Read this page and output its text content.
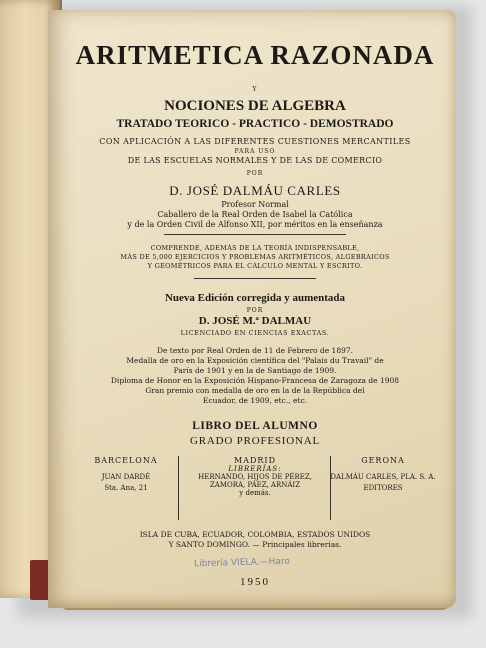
ARITMETICA RAZONADA
Y
NOCIONES DE ALGEBRA
TRATADO TEORICO - PRACTICO - DEMOSTRADO
CON APLICACIÓN A LAS DIFERENTES CUESTIONES MERCANTILES
PARA USO
DE LAS ESCUELAS NORMALES Y DE LAS DE COMERCIO
POR
D. JOSÉ DALMÁU CARLES
Profesor Normal
Caballero de la Real Orden de Isabel la Católica
y de la Orden Civil de Alfonso XII, por méritos en la enseñanza
COMPRENDE, ADEMÁS DE LA TEORÍA INDISPENSABLE,
MÁS DE 5,000 EJERCICIOS Y PROBLEMAS ARITMÉTICOS, ALGEBRAICOS
Y GEOMÉTRICOS PARA EL CÁLCULO MENTAL Y ESCRITO.
Nueva Edición corregida y aumentada
POR
D. JOSÉ M.ª DALMAU
LICENCIADO EN CIENCIAS EXACTAS.
De texto por Real Orden de 11 de Febrero de 1897.
Medalla de oro en la Exposición científica del "Palais du Travail" de
París de 1901 y en la de Santiago de 1909.
Diploma de Honor en la Exposición Hispano-Francesa de Zaragoza de 1908
Gran premio con medalla de oro en la de la República del
Ecuador, de 1909, etc., etc.
LIBRO DEL ALUMNO
GRADO PROFESIONAL
BARCELONA
JUAN DARDÉ
Sta. Ana, 21
MADRID
LIBRERÍAS:
HERNANDO, HIJOS DE PÉREZ,
ZAMORA, PÁEZ, ARNÁIZ
y demás.
GERONA
DALMÁU CARLES, PLA. S. A.
EDITORES
ISLA DE CUBA, ECUADOR, COLOMBIA, ESTADOS UNIDOS
Y SANTO DOMINGO. — Principales librerías.
Librería VIELA.—Haro
1950
